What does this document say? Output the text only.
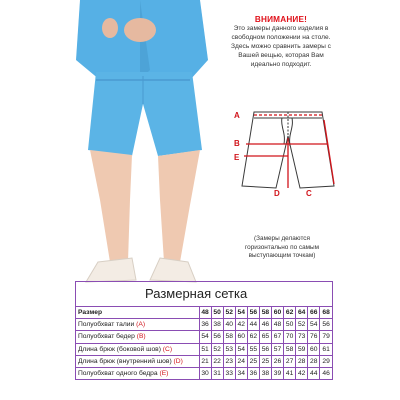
ВНИМАНИЕ!
Это замеры данного изделия в свободном положении на столе. Здесь можно сравнить замеры с Вашей вещью, которая Вам идеально подходит.
A
B
E
D	C
(Замеры делаются горизонтально по самым выступающим точкам)
Размерная сетка
Размер	48	50	52	54	56	58	60	62	64	66	68
Полуобхват талии (А)	36	38	40	42	44	46	48	50	52	54	56
Полуобхват бедер (В)	54	56	58	60	62	65	67	70	73	76	79
Длина брюк (боковой шов) (С)	51	52	53	54	55	56	57	58	59	60	61
Длина брюк (внутренний шов) (D)	21	22	23	24	25	25	26	27	28	28	29
Полуобхват одного бедра (Е)	30	31	33	34	36	38	39	41	42	44	46
